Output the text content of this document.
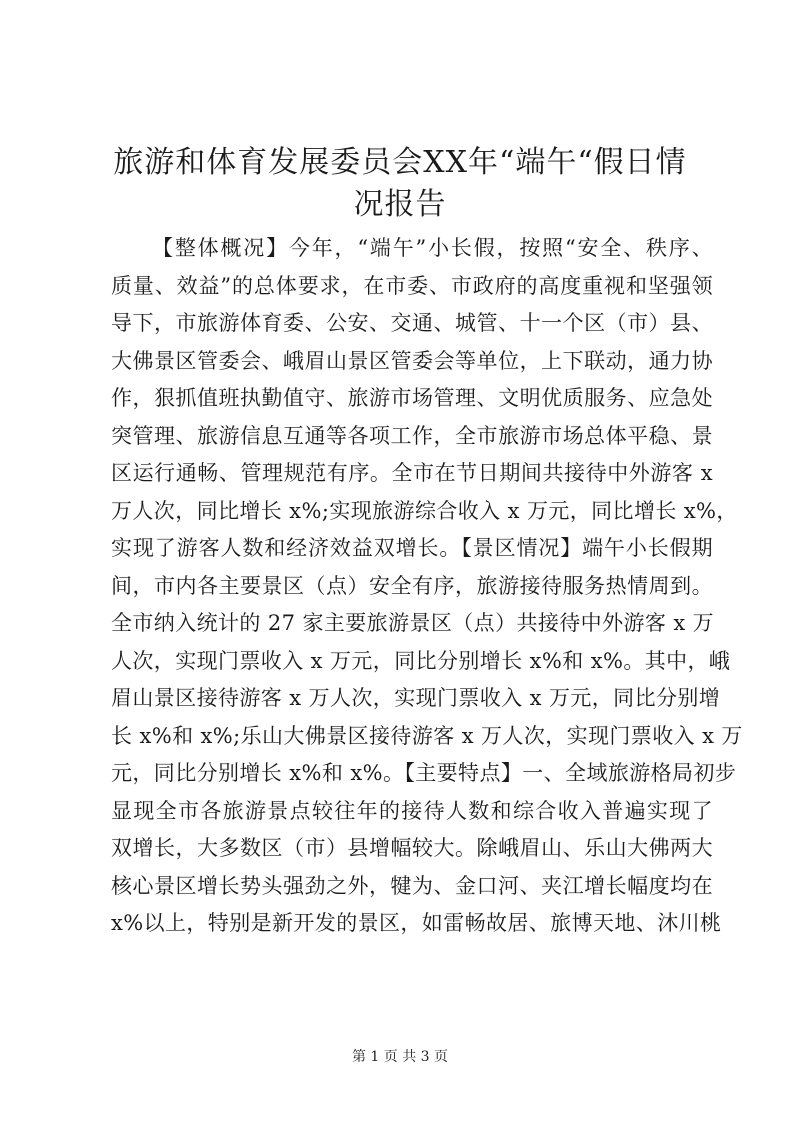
旅游和体育发展委员会XX年“端午“假日情
况报告
【整体概况】今年，“端午”小长假，按照“安全、秩序、
质量、效益”的总体要求，在市委、市政府的高度重视和坚强领
导下，市旅游体育委、公安、交通、城管、十一个区（市）县、
大佛景区管委会、峨眉山景区管委会等单位，上下联动，通力协
作，狠抓值班执勤值守、旅游市场管理、文明优质服务、应急处
突管理、旅游信息互通等各项工作，全市旅游市场总体平稳、景
区运行通畅、管理规范有序。全市在节日期间共接待中外游客 x
万人次，同比增长 x%;实现旅游综合收入 x 万元，同比增长 x%，
实现了游客人数和经济效益双增长。【景区情况】端午小长假期
间，市内各主要景区（点）安全有序，旅游接待服务热情周到。
全市纳入统计的 27 家主要旅游景区（点）共接待中外游客 x 万
人次，实现门票收入 x 万元，同比分别增长 x%和 x%。其中，峨
眉山景区接待游客 x 万人次，实现门票收入 x 万元，同比分别增
长 x%和 x%;乐山大佛景区接待游客 x 万人次，实现门票收入 x 万
元，同比分别增长 x%和 x%。【主要特点】一、全域旅游格局初步
显现全市各旅游景点较往年的接待人数和综合收入普遍实现了
双增长，大多数区（市）县增幅较大。除峨眉山、乐山大佛两大
核心景区增长势头强劲之外，犍为、金口河、夹江增长幅度均在
x%以上，特别是新开发的景区，如雷畅故居、旅博天地、沐川桃
第 1 页 共 3 页
